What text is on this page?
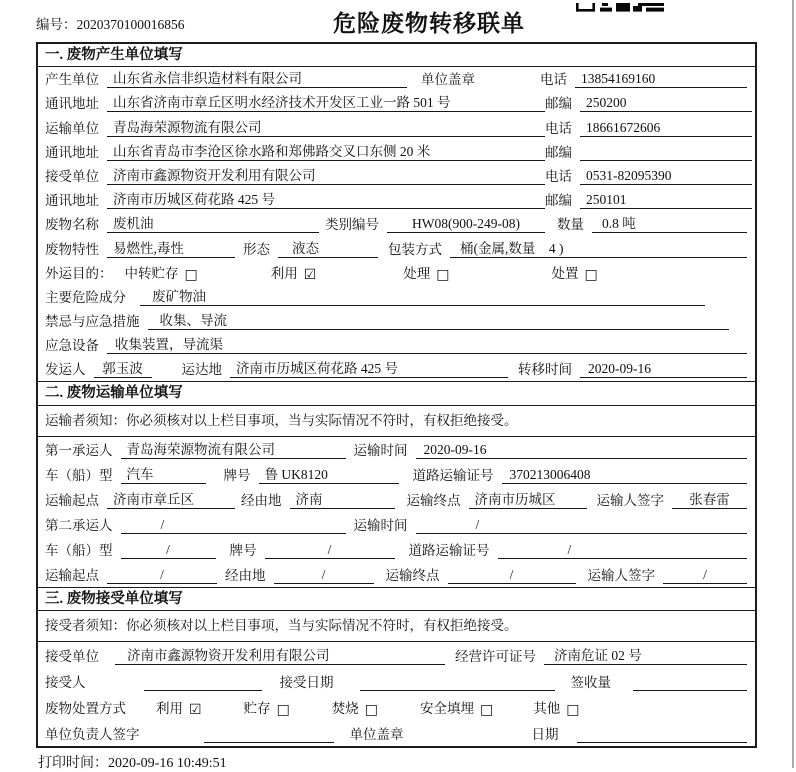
编号：2020370100016856	危险废物转移联单
一. 废物产生单位填写
产生单位	山东省永信非织造材料有限公司	单位盖章	电话	13854169160
通讯地址	山东省济南市章丘区明水经济技术开发区工业一路 501 号	邮编	250200
运输单位	青岛海荣源物流有限公司	电话	18661672606
通讯地址	山东省青岛市李沧区徐水路和郑佛路交叉口东侧 20 米	邮编
接受单位	济南市鑫源物资开发利用有限公司	电话	0531-82095390
通讯地址	济南市历城区荷花路 425 号	邮编	250101
废物名称	废机油	类别编号	HW08(900-249-08)	数量	0.8 吨
废物特性	易燃性,毒性	形态	液态	包装方式	桶(金属,数量　4 )
外运目的： 中转贮存 □	利用 ☑	处理 □	处置 □
主要危险成分	废矿物油
禁忌与应急措施	收集、导流
应急设备	收集装置，导流渠
发运人	郭玉波	运达地	济南市历城区荷花路 425 号	转移时间	2020-09-16
二. 废物运输单位填写
运输者须知：你必须核对以上栏目事项，当与实际情况不符时，有权拒绝接受。
第一承运人	青岛海荣源物流有限公司	运输时间	2020-09-16
车（船）型	汽车	牌号	鲁 UK8120	道路运输证号	370213006408
运输起点	济南市章丘区	经由地	济南	运输终点	济南市历城区	运输人签字	张春雷
第二承运人	/	运输时间	/
车（船）型	/	牌号	/	道路运输证号	/
运输起点	/	经由地	/	运输终点	/	运输人签字	/
三. 废物接受单位填写
接受者须知：你必须核对以上栏目事项，当与实际情况不符时，有权拒绝接受。
接受单位	济南市鑫源物资开发利用有限公司	经营许可证号	济南危证 02 号
接受人	接受日期	签收量
废物处置方式 利用 ☑	贮存 □	焚烧 □	安全填埋 □	其他 □
单位负责人签字	单位盖章	日期
打印时间：2020-09-16 10:49:51
